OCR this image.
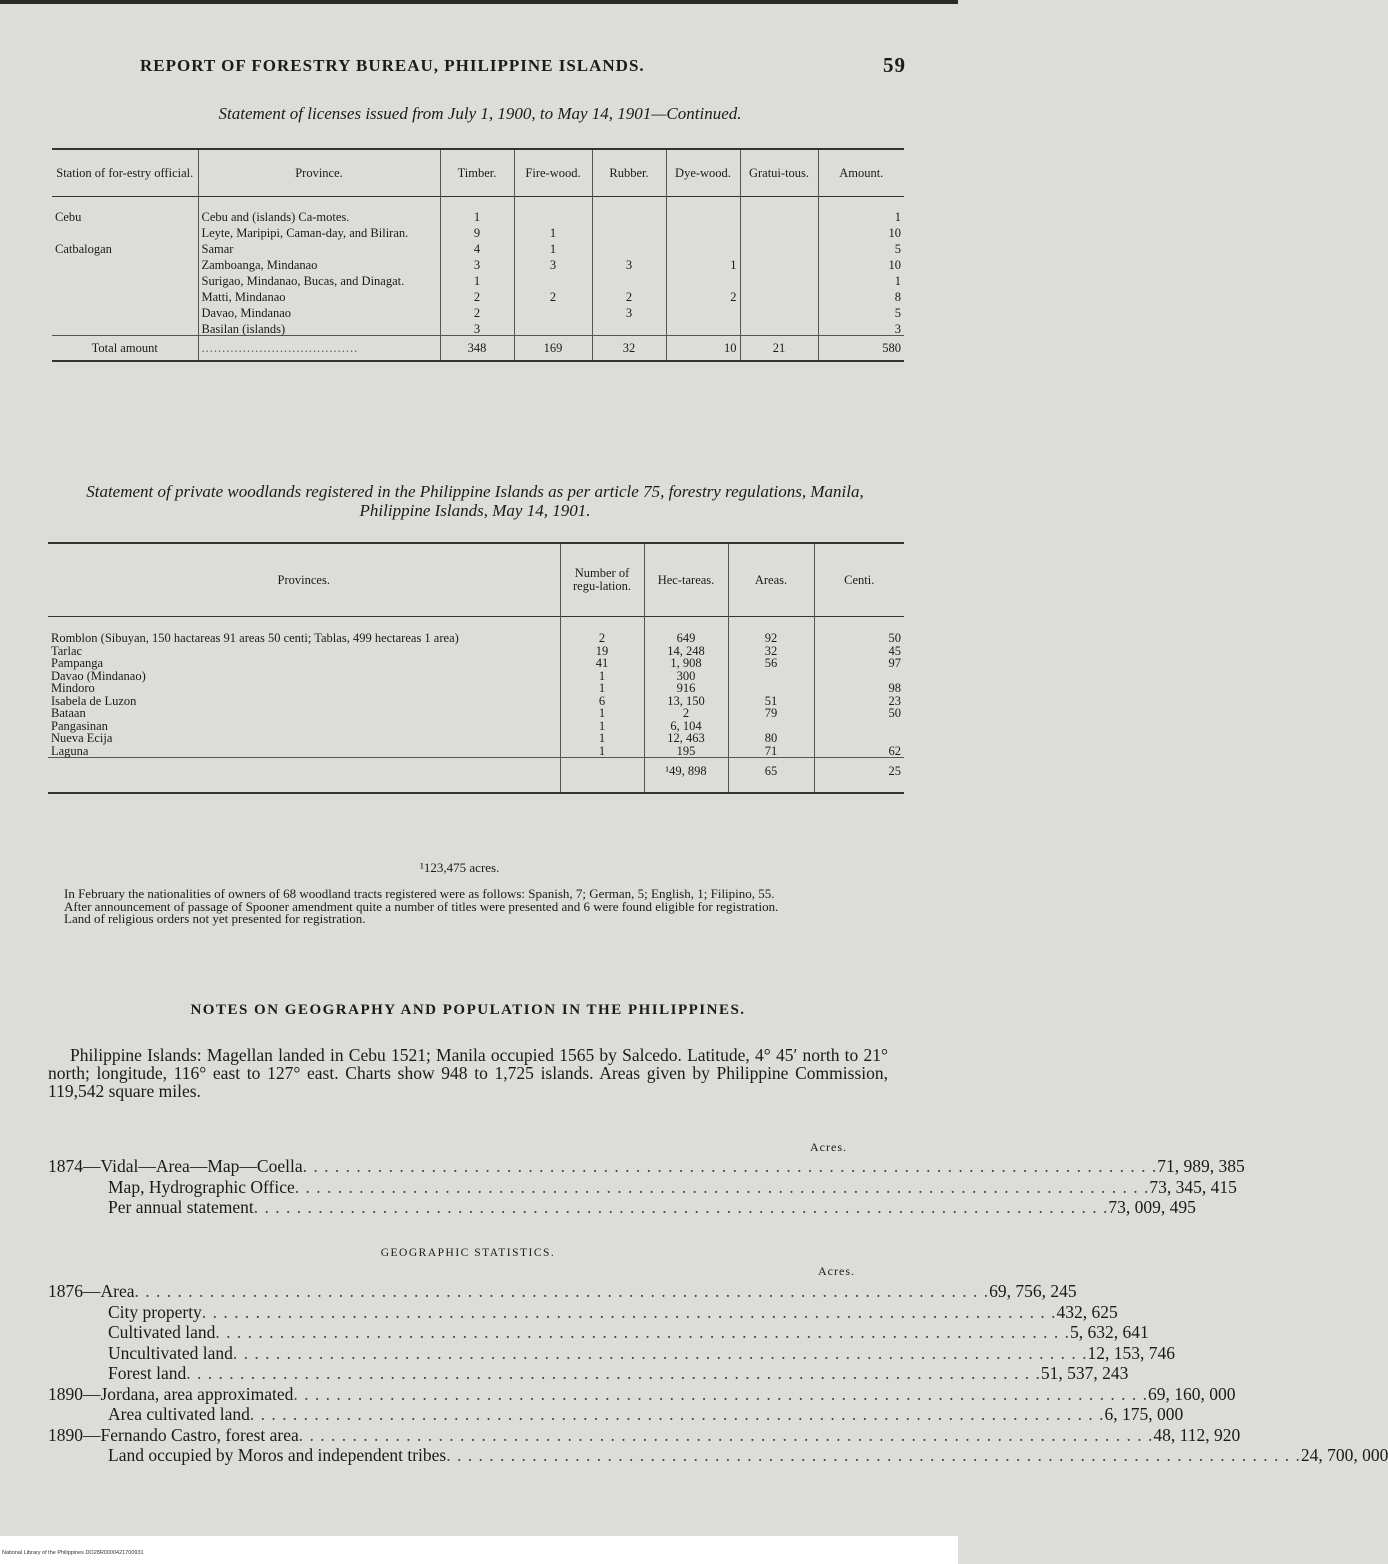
REPORT OF FORESTRY BUREAU, PHILIPPINE ISLANDS.	59
Statement of licenses issued from July 1, 1900, to May 14, 1901—Continued.
Station of for-estry official.	Province.	Timber.	Fire-wood.	Rubber.	Dye-wood.	Gratui-tous.	Amount.
Cebu	Cebu and (islands) Ca-motes.	1					1
	Leyte, Maripipi, Caman-day, and Biliran.	9	1				10
Catbalogan	Samar	4	1				5
	Zamboanga, Mindanao	3	3	3	1		10
	Surigao, Mindanao, Bucas, and Dinagat.	1					1
	Matti, Mindanao	2	2	2	2		8
	Davao, Mindanao	2		3			5
	Basilan (islands)	3					3
Total amount	......................................	348	169	32	10	21	580
Statement of private woodlands registered in the Philippine Islands as per article 75, forestry regulations, Manila, Philippine Islands, May 14, 1901.
Provinces.	Number of regu-lation.	Hec-tareas.	Areas.	Centi.
Romblon (Sibuyan, 150 hactareas 91 areas 50 centi; Tablas, 499 hectareas 1 area)	2	649	92	50
Tarlac	19	14, 248	32	45
Pampanga	41	1, 908	56	97
Davao (Mindanao)	1	300		
Mindoro	1	916		98
Isabela de Luzon	6	13, 150	51	23
Bataan	1	2	79	50
Pangasinan	1	6, 104		
Nueva Ecija	1	12, 463	80	
Laguna	1	195	71	62
		¹49, 898	65	25
¹123,475 acres.

In February the nationalities of owners of 68 woodland tracts registered were as follows: Spanish, 7; German, 5; English, 1; Filipino, 55.

After announcement of passage of Spooner amendment quite a number of titles were presented and 6 were found eligible for registration.

Land of religious orders not yet presented for registration.

NOTES ON GEOGRAPHY AND POPULATION IN THE PHILIPPINES.
Philippine Islands: Magellan landed in Cebu 1521; Manila occupied 1565 by Salcedo. Latitude, 4° 45′ north to 21° north; longitude, 116° east to 127° east. Charts show 948 to 1,725 islands. Areas given by Philippine Commission, 119,542 square miles.
Acres.
1874—Vidal—Area—Map—Coella . . . . . . . . . . . . . . . . . . . . . . . . . . . . . . . . . . . . . . . . . . . . . . . . . . . . . . . . . . . . . . . . . . . . . . . . . . . . . . . . 71, 989, 385
Map, Hydrographic Office . . . . . . . . . . . . . . . . . . . . . . . . . . . . . . . . . . . . . . . . . . . . . . . . . . . . . . . . . . . . . . . . . . . . . . . . . . . . . . . . 73, 345, 415
Per annual statement . . . . . . . . . . . . . . . . . . . . . . . . . . . . . . . . . . . . . . . . . . . . . . . . . . . . . . . . . . . . . . . . . . . . . . . . . . . . . . . . 73, 009, 495
GEOGRAPHIC STATISTICS.
Acres.
1876—Area . . . . . . . . . . . . . . . . . . . . . . . . . . . . . . . . . . . . . . . . . . . . . . . . . . . . . . . . . . . . . . . . . . . . . . . . . . . . . . . . 69, 756, 245
City property . . . . . . . . . . . . . . . . . . . . . . . . . . . . . . . . . . . . . . . . . . . . . . . . . . . . . . . . . . . . . . . . . . . . . . . . . . . . . . . . 432, 625
Cultivated land . . . . . . . . . . . . . . . . . . . . . . . . . . . . . . . . . . . . . . . . . . . . . . . . . . . . . . . . . . . . . . . . . . . . . . . . . . . . . . . . 5, 632, 641
Uncultivated land . . . . . . . . . . . . . . . . . . . . . . . . . . . . . . . . . . . . . . . . . . . . . . . . . . . . . . . . . . . . . . . . . . . . . . . . . . . . . . . . 12, 153, 746
Forest land . . . . . . . . . . . . . . . . . . . . . . . . . . . . . . . . . . . . . . . . . . . . . . . . . . . . . . . . . . . . . . . . . . . . . . . . . . . . . . . . 51, 537, 243
1890—Jordana, area approximated . . . . . . . . . . . . . . . . . . . . . . . . . . . . . . . . . . . . . . . . . . . . . . . . . . . . . . . . . . . . . . . . . . . . . . . . . . . . . . . . 69, 160, 000
Area cultivated land . . . . . . . . . . . . . . . . . . . . . . . . . . . . . . . . . . . . . . . . . . . . . . . . . . . . . . . . . . . . . . . . . . . . . . . . . . . . . . . . 6, 175, 000
1890—Fernando Castro, forest area . . . . . . . . . . . . . . . . . . . . . . . . . . . . . . . . . . . . . . . . . . . . . . . . . . . . . . . . . . . . . . . . . . . . . . . . . . . . . . . . 48, 112, 920
Land occupied by Moros and independent tribes . . . . . . . . . . . . . . . . . . . . . . . . . . . . . . . . . . . . . . . . . . . . . . . . . . . . . . . . . . . . . . . . . . . . . . . . . . . . . . . . 24, 700, 000
National Library of the Philippines DO28R0000421700931
